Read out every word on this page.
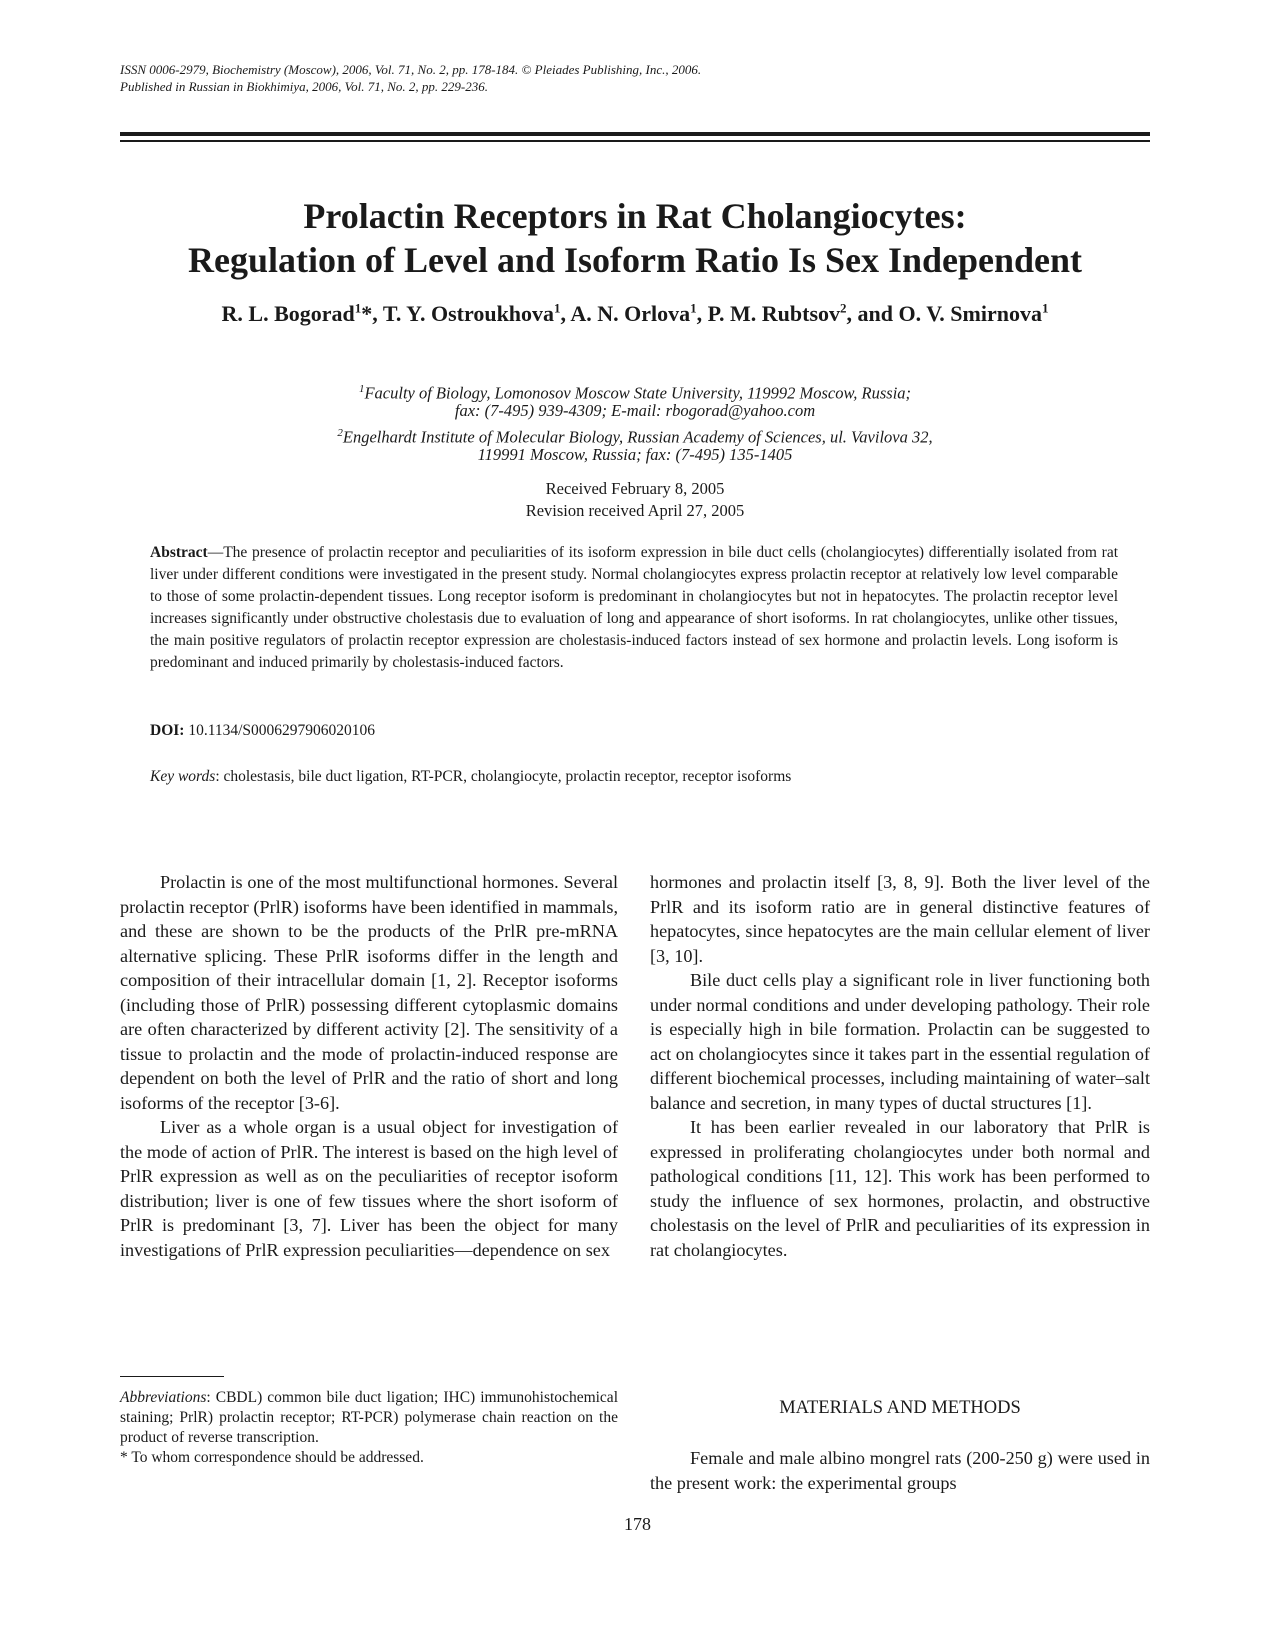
ISSN 0006-2979, Biochemistry (Moscow), 2006, Vol. 71, No. 2, pp. 178-184. © Pleiades Publishing, Inc., 2006.
Published in Russian in Biokhimiya, 2006, Vol. 71, No. 2, pp. 229-236.
Prolactin Receptors in Rat Cholangiocytes:
Regulation of Level and Isoform Ratio Is Sex Independent
R. L. Bogorad$^1$*, T. Y. Ostroukhova$^1$, A. N. Orlova$^1$, P. M. Rubtsov$^2$, and O. V. Smirnova$^1$
$^1$Faculty of Biology, Lomonosov Moscow State University, 119992 Moscow, Russia;
fax: (7-495) 939-4309; E-mail: rbogorad@yahoo.com
$^2$Engelhardt Institute of Molecular Biology, Russian Academy of Sciences, ul. Vavilova 32,
119991 Moscow, Russia; fax: (7-495) 135-1405
Received February 8, 2005
Revision received April 27, 2005
Abstract—The presence of prolactin receptor and peculiarities of its isoform expression in bile duct cells (cholangiocytes) differentially isolated from rat liver under different conditions were investigated in the present study. Normal cholangiocytes express prolactin receptor at relatively low level comparable to those of some prolactin-dependent tissues. Long receptor isoform is predominant in cholangiocytes but not in hepatocytes. The prolactin receptor level increases significantly under obstructive cholestasis due to evaluation of long and appearance of short isoforms. In rat cholangiocytes, unlike other tissues, the main positive regulators of prolactin receptor expression are cholestasis-induced factors instead of sex hormone and prolactin levels. Long isoform is predominant and induced primarily by cholestasis-induced factors.
DOI: 10.1134/S0006297906020106
Key words: cholestasis, bile duct ligation, RT-PCR, cholangiocyte, prolactin receptor, receptor isoforms

Prolactin is one of the most multifunctional hormones. Several prolactin receptor (PrlR) isoforms have been identified in mammals, and these are shown to be the products of the PrlR pre-mRNA alternative splicing. These PrlR isoforms differ in the length and composition of their intracellular domain [1, 2]. Receptor isoforms (including those of PrlR) possessing different cytoplasmic domains are often characterized by different activity [2]. The sensitivity of a tissue to prolactin and the mode of prolactin-induced response are dependent on both the level of PrlR and the ratio of short and long isoforms of the receptor [3-6].

Liver as a whole organ is a usual object for investigation of the mode of action of PrlR. The interest is based on the high level of PrlR expression as well as on the peculiarities of receptor isoform distribution; liver is one of few tissues where the short isoform of PrlR is predominant [3, 7]. Liver has been the object for many investigations of PrlR expression peculiarities—dependence on sex

hormones and prolactin itself [3, 8, 9]. Both the liver level of the PrlR and its isoform ratio are in general distinctive features of hepatocytes, since hepatocytes are the main cellular element of liver [3, 10].

Bile duct cells play a significant role in liver functioning both under normal conditions and under developing pathology. Their role is especially high in bile formation. Prolactin can be suggested to act on cholangiocytes since it takes part in the essential regulation of different biochemical processes, including maintaining of water–salt balance and secretion, in many types of ductal structures [1].

It has been earlier revealed in our laboratory that PrlR is expressed in proliferating cholangiocytes under both normal and pathological conditions [11, 12]. This work has been performed to study the influence of sex hormones, prolactin, and obstructive cholestasis on the level of PrlR and peculiarities of its expression in rat cholangiocytes.

Abbreviations: CBDL) common bile duct ligation; IHC) immunohistochemical staining; PrlR) prolactin receptor; RT-PCR) polymerase chain reaction on the product of reverse transcription.

* To whom correspondence should be addressed.

MATERIALS AND METHODS

Female and male albino mongrel rats (200-250 g) were used in the present work: the experimental groups

178
